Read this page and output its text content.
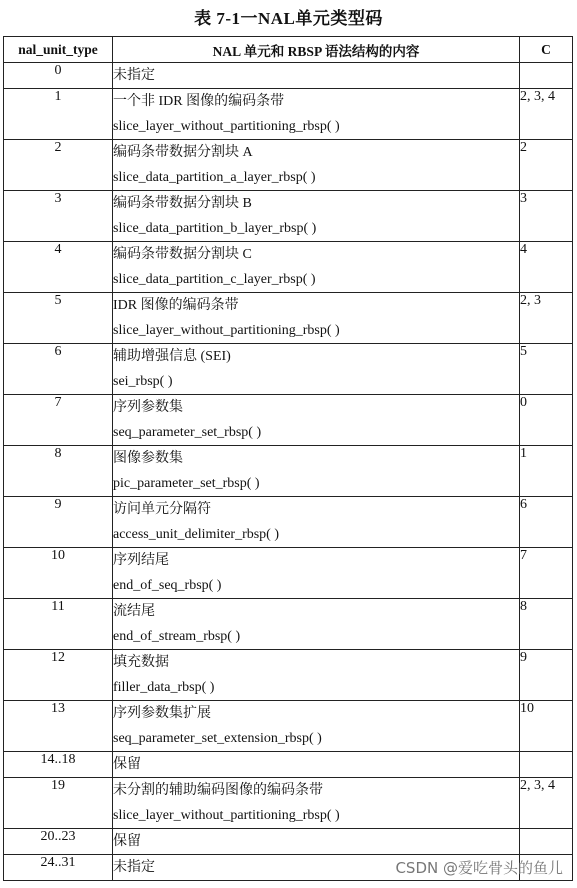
表 7-1一NAL单元类型码
nal_unit_type	NAL 单元和 RBSP 语法结构的内容	C
0	未指定	

1	一个非 IDR 图像的编码条带
slice_layer_without_partitioning_rbsp( )	2, 3, 4
2	编码条带数据分割块 A
slice_data_partition_a_layer_rbsp( )	2
3	编码条带数据分割块 B
slice_data_partition_b_layer_rbsp( )	3
4	编码条带数据分割块 C
slice_data_partition_c_layer_rbsp( )	4
5	IDR 图像的编码条带
slice_layer_without_partitioning_rbsp( )	2, 3
6	辅助增强信息 (SEI)
sei_rbsp( )	5
7	序列参数集
seq_parameter_set_rbsp( )	0
8	图像参数集
pic_parameter_set_rbsp( )	1
9	访问单元分隔符
access_unit_delimiter_rbsp( )	6
10	序列结尾
end_of_seq_rbsp( )	7
11	流结尾
end_of_stream_rbsp( )	8
12	填充数据
filler_data_rbsp( )	9
13	序列参数集扩展
seq_parameter_set_extension_rbsp( )	10
14..18	保留	

19	未分割的辅助编码图像的编码条带
slice_layer_without_partitioning_rbsp( )	2, 3, 4
20..23	保留	

24..31	未指定	
		CSDN @爱吃骨头的鱼儿
